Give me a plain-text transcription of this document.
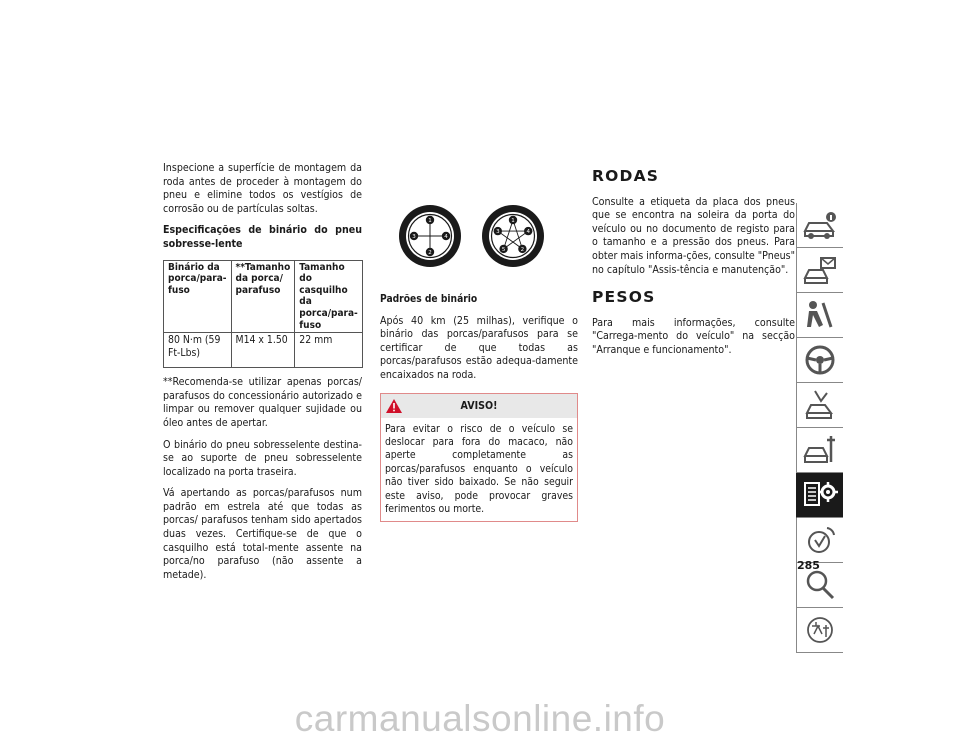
Inspecione a superfície de montagem da roda antes de proceder à montagem do pneu e elimine todos os vestígios de corrosão ou de partículas soltas.

Especificações de binário do pneu sobresse-lente

Binário da porca/para-fuso	**Tamanho da porca/ parafuso	Tamanho do casquilho da porca/para-fuso
80 N·m (59 Ft-Lbs)	M14 x 1.50	22 mm

**Recomenda-se utilizar apenas porcas/ parafusos do concessionário autorizado e limpar ou remover qualquer sujidade ou óleo antes de apertar.

O binário do pneu sobresselente destina-se ao suporte de pneu sobresselente localizado na porta traseira.

Vá apertando as porcas/parafusos num padrão em estrela até que todas as porcas/ parafusos tenham sido apertados duas vezes. Certifique-se de que o casquilho está total-mente assente na porca/no parafuso (não assente a metade).

1
2
3	4
1
2
3	4
5

Padrões de binário

Após 40 km (25 milhas), verifique o binário das porcas/parafusos para se certificar de que todas as porcas/parafusos estão adequa-damente encaixados na roda.

AVISO!
Para evitar o risco de o veículo se deslocar para fora do macaco, não aperte completamente as porcas/parafusos enquanto o veículo não tiver sido baixado. Se não seguir este aviso, pode provocar graves ferimentos ou morte.
RODAS

Consulte a etiqueta da placa dos pneus que se encontra na soleira da porta do veículo ou no documento de registo para o tamanho e a pressão dos pneus. Para obter mais informa-ções, consulte "Pneus" no capítulo "Assis-tência e manutenção".

PESOS

Para mais informações, consulte "Carrega-mento do veículo" na secção "Arranque e funcionamento".

285
carmanualsonline.info
